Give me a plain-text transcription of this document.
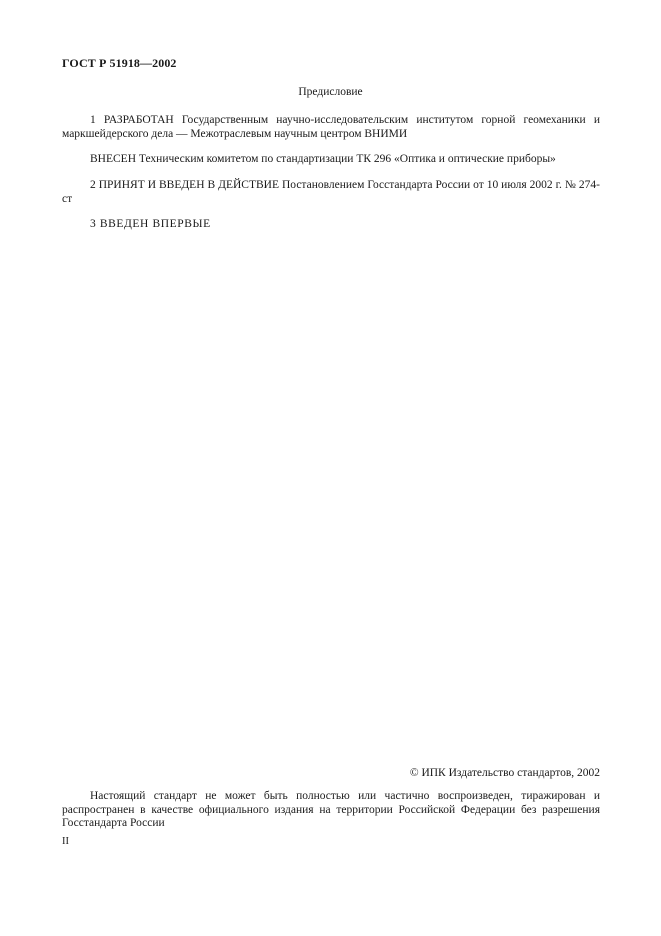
ГОСТ Р 51918—2002
Предисловие

1 РАЗРАБОТАН Государственным научно-исследовательским институтом горной геомеханики и маркшейдерского дела — Межотраслевым научным центром ВНИМИ

ВНЕСЕН Техническим комитетом по стандартизации ТК 296 «Оптика и оптические приборы»

2 ПРИНЯТ И ВВЕДЕН В ДЕЙСТВИЕ Постановлением Госстандарта России от 10 июля 2002 г. № 274-ст

3 ВВЕДЕН ВПЕРВЫЕ

© ИПК Издательство стандартов, 2002

Настоящий стандарт не может быть полностью или частично воспроизведен, тиражирован и распространен в качестве официального издания на территории Российской Федерации без разрешения Госстандарта России

II
